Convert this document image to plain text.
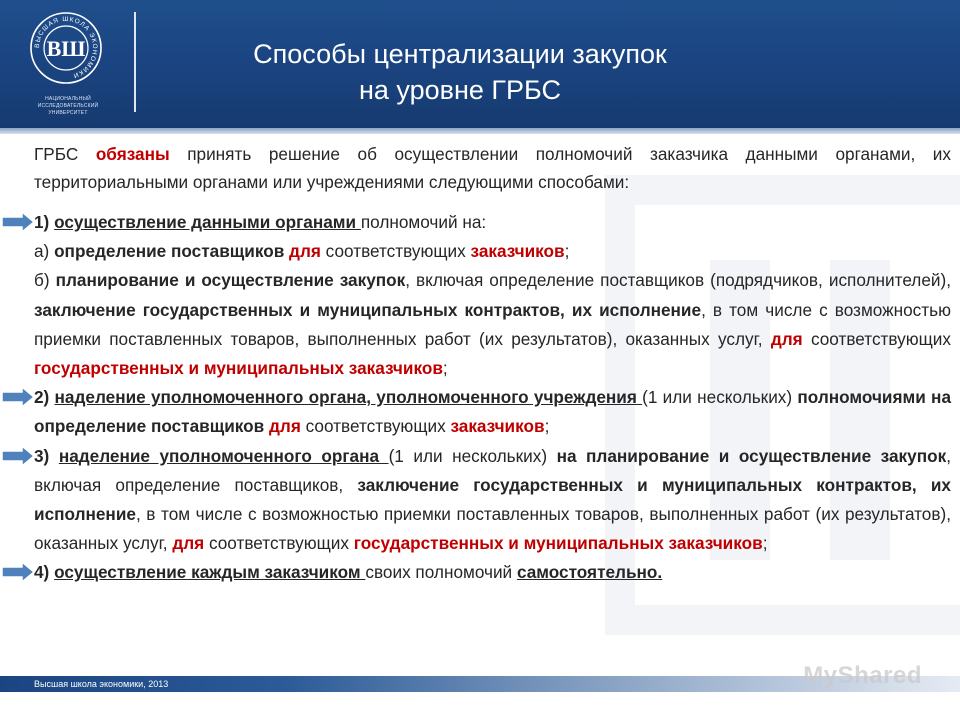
ВЫСШАЯ ШКОЛА ЭКОНОМИКИ
ВШ
НАЦИОНАЛЬНЫЙ ИССЛЕДОВАТЕЛЬСКИЙ
УНИВЕРСИТЕТ
Способы централизации закупок
на уровне ГРБС

ГРБС обязаны принять решение об осуществлении полномочий заказчика данными органами, их территориальными органами или учреждениями следующими способами:

1) осуществление данными органами полномочий на:
а) определение поставщиков для соответствующих заказчиков;
б) планирование и осуществление закупок, включая определение поставщиков (подрядчиков, исполнителей), заключение государственных и муниципальных контрактов, их исполнение, в том числе с возможностью приемки поставленных товаров, выполненных работ (их результатов), оказанных услуг, для соответствующих государственных и муниципальных заказчиков;
2) наделение уполномоченного органа, уполномоченного учреждения (1 или нескольких) полномочиями на определение поставщиков для соответствующих заказчиков;
3) наделение уполномоченного органа (1 или нескольких) на планирование и осуществление закупок, включая определение поставщиков, заключение государственных и муниципальных контрактов, их исполнение, в том числе с возможностью приемки поставленных товаров, выполненных работ (их результатов), оказанных услуг, для соответствующих государственных и муниципальных заказчиков;
4) осуществление каждым заказчиком своих полномочий самостоятельно.
Высшая школа экономики, 2013	MyShared
